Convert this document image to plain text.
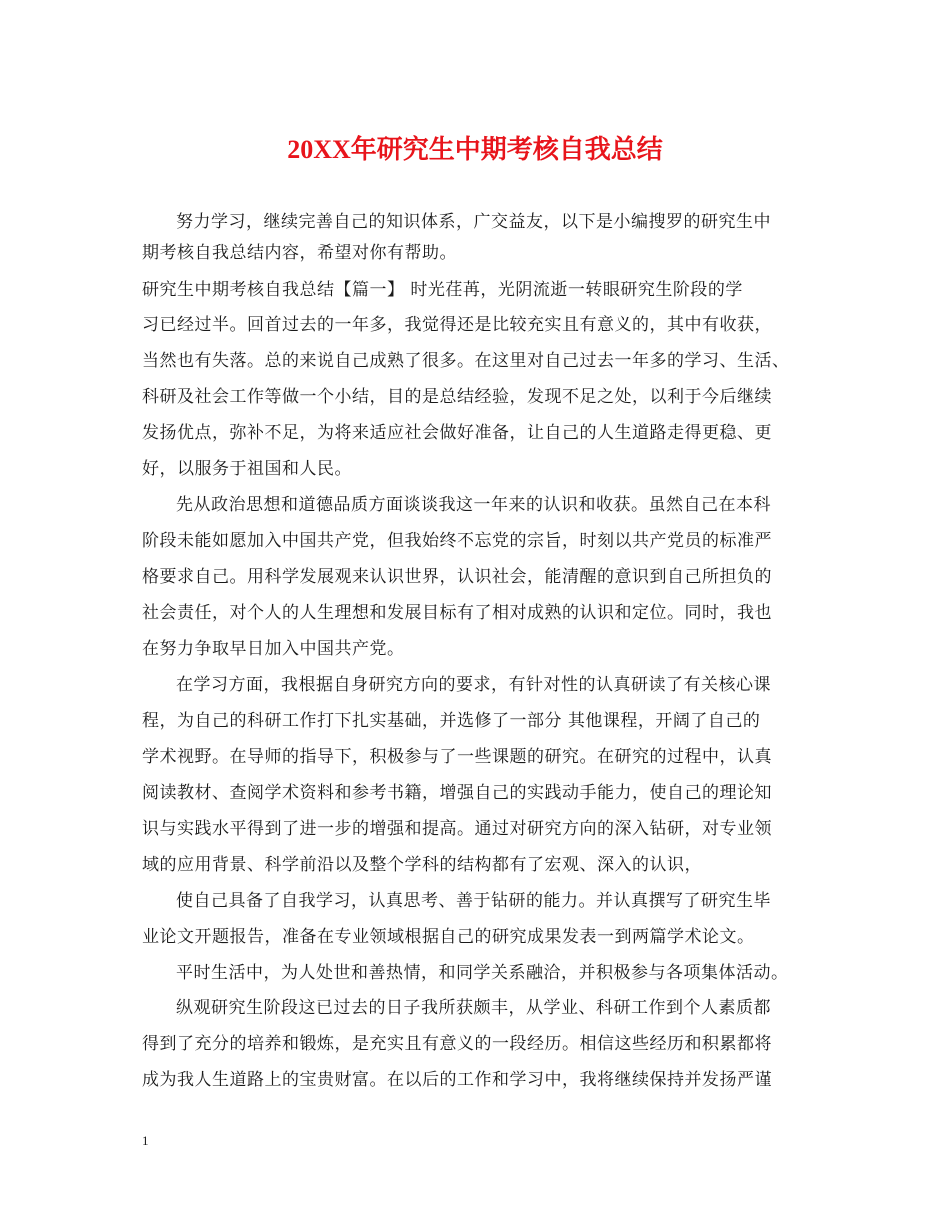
20XX年研究生中期考核自我总结
努力学习，继续完善自己的知识体系，广交益友，以下是小编搜罗的研究生中
期考核自我总结内容，希望对你有帮助。
研究生中期考核自我总结【篇一】 时光荏苒，光阴流逝一转眼研究生阶段的学
习已经过半。回首过去的一年多，我觉得还是比较充实且有意义的，其中有收获，
当然也有失落。总的来说自己成熟了很多。在这里对自己过去一年多的学习、生活、
科研及社会工作等做一个小结，目的是总结经验，发现不足之处，以利于今后继续
发扬优点，弥补不足，为将来适应社会做好准备，让自己的人生道路走得更稳、更
好，以服务于祖国和人民。
先从政治思想和道德品质方面谈谈我这一年来的认识和收获。虽然自己在本科
阶段未能如愿加入中国共产党，但我始终不忘党的宗旨，时刻以共产党员的标准严
格要求自己。用科学发展观来认识世界，认识社会，能清醒的意识到自己所担负的
社会责任，对个人的人生理想和发展目标有了相对成熟的认识和定位。同时，我也
在努力争取早日加入中国共产党。
在学习方面，我根据自身研究方向的要求，有针对性的认真研读了有关核心课
程，为自己的科研工作打下扎实基础，并选修了一部分 其他课程，开阔了自己的
学术视野。在导师的指导下，积极参与了一些课题的研究。在研究的过程中，认真
阅读教材、查阅学术资料和参考书籍，增强自己的实践动手能力，使自己的理论知
识与实践水平得到了进一步的增强和提高。通过对研究方向的深入钻研，对专业领
域的应用背景、科学前沿以及整个学科的结构都有了宏观、深入的认识，
使自己具备了自我学习，认真思考、善于钻研的能力。并认真撰写了研究生毕
业论文开题报告，准备在专业领域根据自己的研究成果发表一到两篇学术论文。
平时生活中，为人处世和善热情，和同学关系融洽，并积极参与各项集体活动。
纵观研究生阶段这已过去的日子我所获颇丰，从学业、科研工作到个人素质都
得到了充分的培养和锻炼，是充实且有意义的一段经历。相信这些经历和积累都将
成为我人生道路上的宝贵财富。在以后的工作和学习中，我将继续保持并发扬严谨
1
